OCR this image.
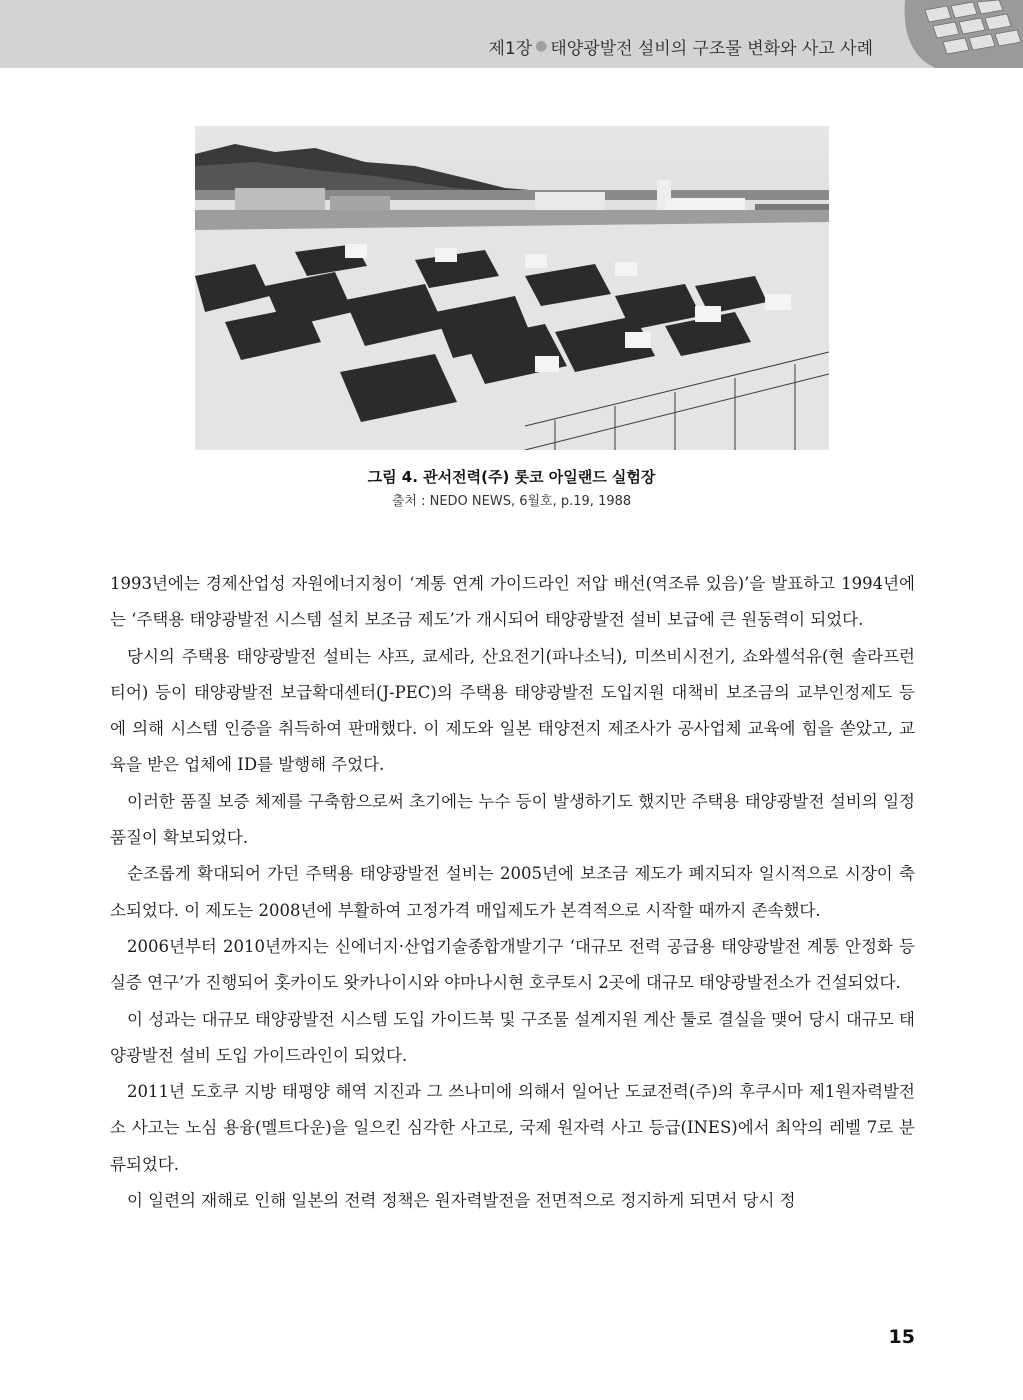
제1장 ● 태양광발전 설비의 구조물 변화와 사고 사례
그림 4. 관서전력(주) 롯코 아일랜드 실험장
출처 : NEDO NEWS, 6월호, p.19, 1988

1993년에는 경제산업성 자원에너지청이 ‘계통 연계 가이드라인 저압 배선(역조류 있음)’을 발표하고 1994년에는 ‘주택용 태양광발전 시스템 설치 보조금 제도’가 개시되어 태양광발전 설비 보급에 큰 원동력이 되었다.

당시의 주택용 태양광발전 설비는 샤프, 쿄세라, 산요전기(파나소닉), 미쓰비시전기, 쇼와셸석유(현 솔라프런티어) 등이 태양광발전 보급확대센터(J-PEC)의 주택용 태양광발전 도입지원 대책비 보조금의 교부인정제도 등에 의해 시스템 인증을 취득하여 판매했다. 이 제도와 일본 태양전지 제조사가 공사업체 교육에 힘을 쏟았고, 교육을 받은 업체에 ID를 발행해 주었다.

이러한 품질 보증 체제를 구축함으로써 초기에는 누수 등이 발생하기도 했지만 주택용 태양광발전 설비의 일정 품질이 확보되었다.

순조롭게 확대되어 가던 주택용 태양광발전 설비는 2005년에 보조금 제도가 폐지되자 일시적으로 시장이 축소되었다. 이 제도는 2008년에 부활하여 고정가격 매입제도가 본격적으로 시작할 때까지 존속했다.

2006년부터 2010년까지는 신에너지·산업기술종합개발기구 ‘대규모 전력 공급용 태양광발전 계통 안정화 등 실증 연구’가 진행되어 홋카이도 왓카나이시와 야마나시현 호쿠토시 2곳에 대규모 태양광발전소가 건설되었다.

이 성과는 대규모 태양광발전 시스템 도입 가이드북 및 구조물 설계지원 계산 툴로 결실을 맺어 당시 대규모 태양광발전 설비 도입 가이드라인이 되었다.

2011년 도호쿠 지방 태평양 해역 지진과 그 쓰나미에 의해서 일어난 도쿄전력(주)의 후쿠시마 제1원자력발전소 사고는 노심 용융(멜트다운)을 일으킨 심각한 사고로, 국제 원자력 사고 등급(INES)에서 최악의 레벨 7로 분류되었다.

이 일련의 재해로 인해 일본의 전력 정책은 원자력발전을 전면적으로 정지하게 되면서 당시 정

15
